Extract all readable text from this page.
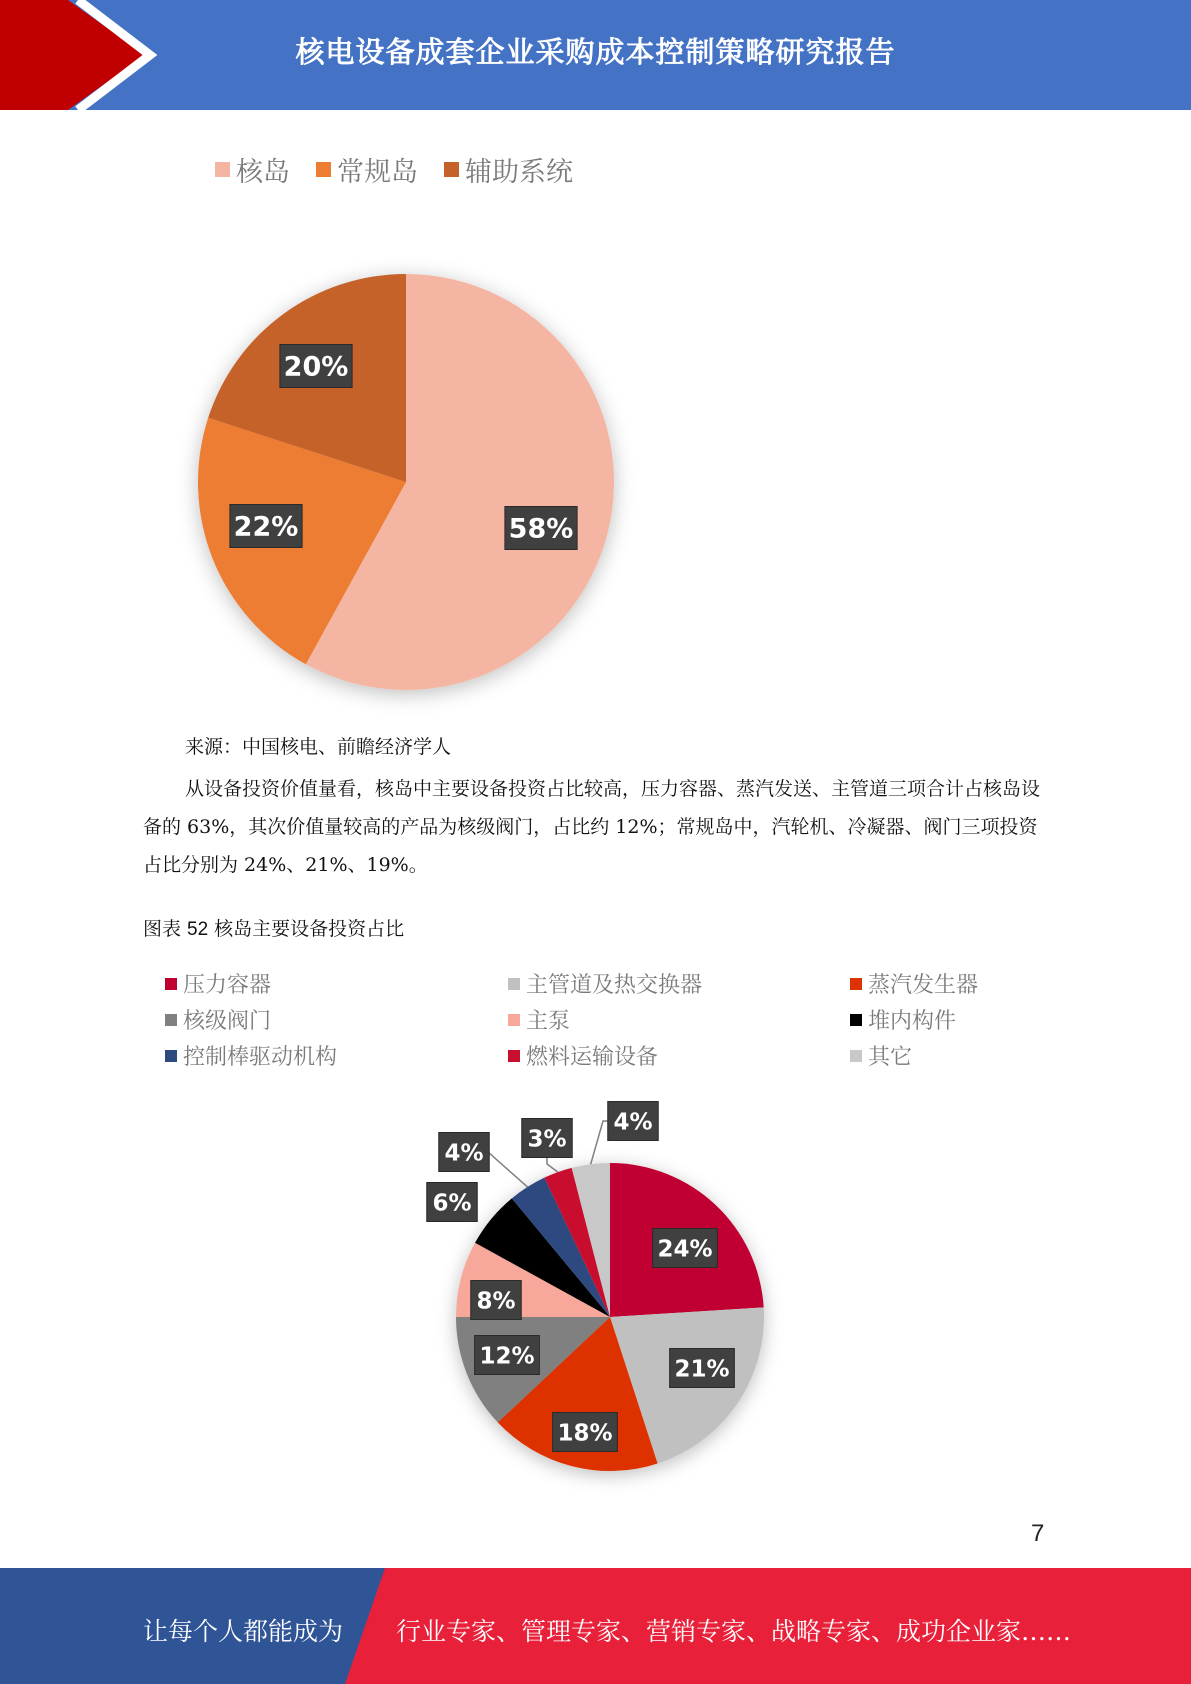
核电设备成套企业采购成本控制策略研究报告
核岛 常规岛 辅助系统
58%
22%
20%
来源：中国核电、前瞻经济学人
从设备投资价值量看，核岛中主要设备投资占比较高，压力容器、蒸汽发送、主管道三项合计占核岛设备的 63%，其次价值量较高的产品为核级阀门，占比约 12%；常规岛中，汽轮机、冷凝器、阀门三项投资占比分别为 24%、21%、19%。
图表 52 核岛主要设备投资占比
压力容器	主管道及热交换器	蒸汽发生器
核级阀门	主泵	堆内构件
控制棒驱动机构	燃料运输设备	其它
24%
21%
18%
12%
8%
6%
4%
3%
4%
7
让每个人都能成为 行业专家、管理专家、营销专家、战略专家、成功企业家……
